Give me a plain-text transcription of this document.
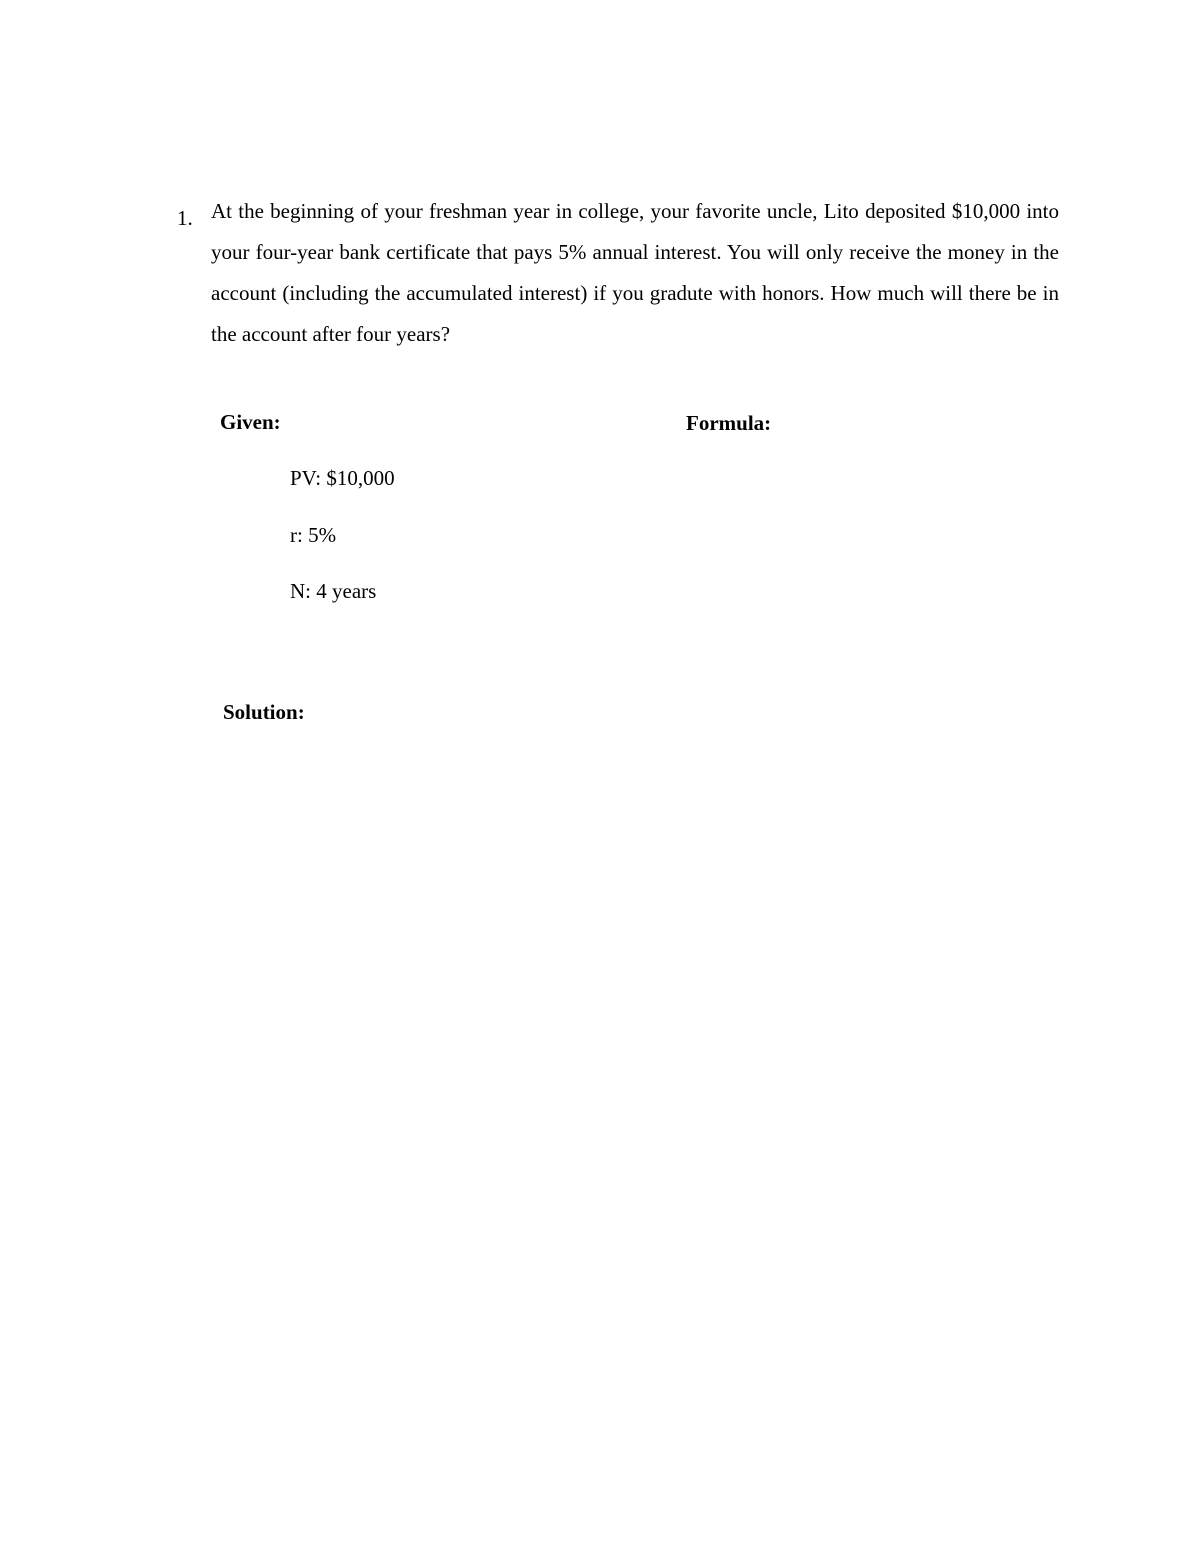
1. At the beginning of your freshman year in college, your favorite uncle, Lito deposited $10,000 into your four-year bank certificate that pays 5% annual interest. You will only receive the money in the account (including the accumulated interest) if you gradute with honors. How much will there be in the account after four years?
Given:	Formula:
PV: $10,000
r: 5%
N: 4 years
Solution:
